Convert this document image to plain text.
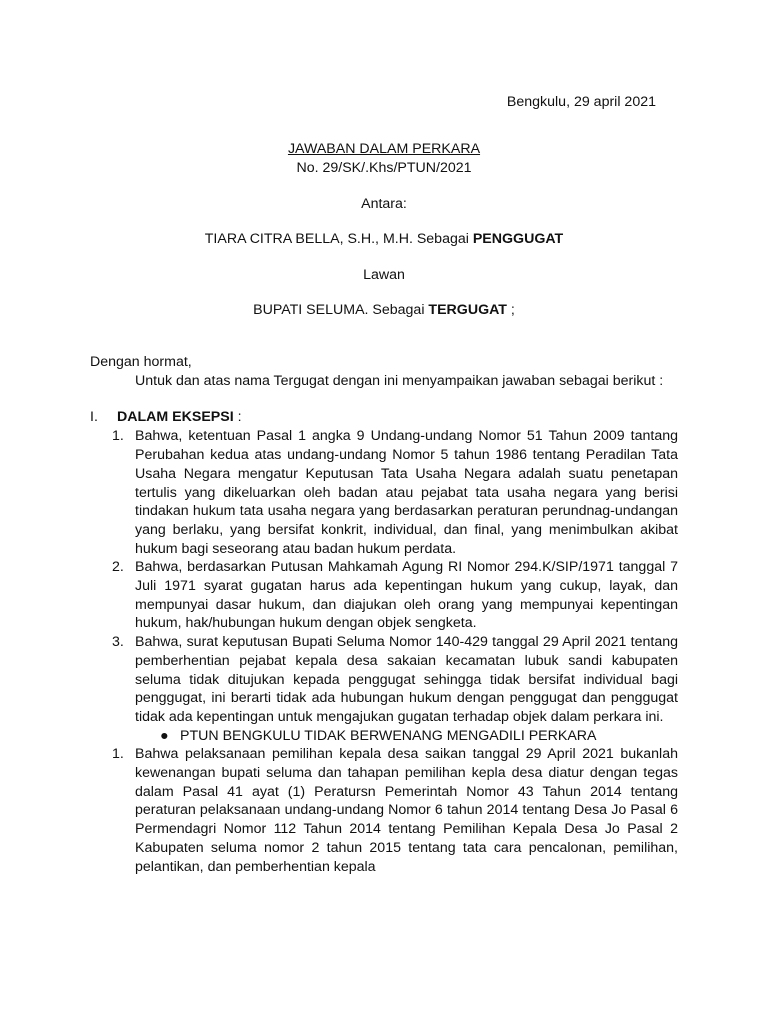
Bengkulu, 29 april 2021
JAWABAN DALAM PERKARA
No. 29/SK/.Khs/PTUN/2021
Antara:
TIARA CITRA BELLA, S.H., M.H. Sebagai PENGGUGAT
Lawan
BUPATI SELUMA. Sebagai TERGUGAT ;
Dengan hormat,
Untuk dan atas nama Tergugat dengan ini menyampaikan jawaban sebagai berikut :
I. DALAM EKSEPSI :
1. Bahwa, ketentuan Pasal 1 angka 9 Undang-undang Nomor 51 Tahun 2009 tantang Perubahan kedua atas undang-undang Nomor 5 tahun 1986 tentang Peradilan Tata Usaha Negara mengatur Keputusan Tata Usaha Negara adalah suatu penetapan tertulis yang dikeluarkan oleh badan atau pejabat tata usaha negara yang berisi tindakan hukum tata usaha negara yang berdasarkan peraturan perundnag-undangan yang berlaku, yang bersifat konkrit, individual, dan final, yang menimbulkan akibat hukum bagi seseorang atau badan hukum perdata.
2. Bahwa, berdasarkan Putusan Mahkamah Agung RI Nomor 294.K/SIP/1971 tanggal 7 Juli 1971 syarat gugatan harus ada kepentingan hukum yang cukup, layak, dan mempunyai dasar hukum, dan diajukan oleh orang yang mempunyai kepentingan hukum, hak/hubungan hukum dengan objek sengketa.
3. Bahwa, surat keputusan Bupati Seluma Nomor 140-429 tanggal 29 April 2021 tentang pemberhentian pejabat kepala desa sakaian kecamatan lubuk sandi kabupaten seluma tidak ditujukan kepada penggugat sehingga tidak bersifat individual bagi penggugat, ini berarti tidak ada hubungan hukum dengan penggugat dan penggugat tidak ada kepentingan untuk mengajukan gugatan terhadap objek dalam perkara ini.
● PTUN BENGKULU TIDAK BERWENANG MENGADILI PERKARA
1. Bahwa pelaksanaan pemilihan kepala desa saikan tanggal 29 April 2021 bukanlah kewenangan bupati seluma dan tahapan pemilihan kepla desa diatur dengan tegas dalam Pasal 41 ayat (1) Peratursn Pemerintah Nomor 43 Tahun 2014 tentang peraturan pelaksanaan undang-undang Nomor 6 tahun 2014 tentang Desa Jo Pasal 6 Permendagri Nomor 112 Tahun 2014 tentang Pemilihan Kepala Desa Jo Pasal 2 Kabupaten seluma nomor 2 tahun 2015 tentang tata cara pencalonan, pemilihan, pelantikan, dan pemberhentian kepala
